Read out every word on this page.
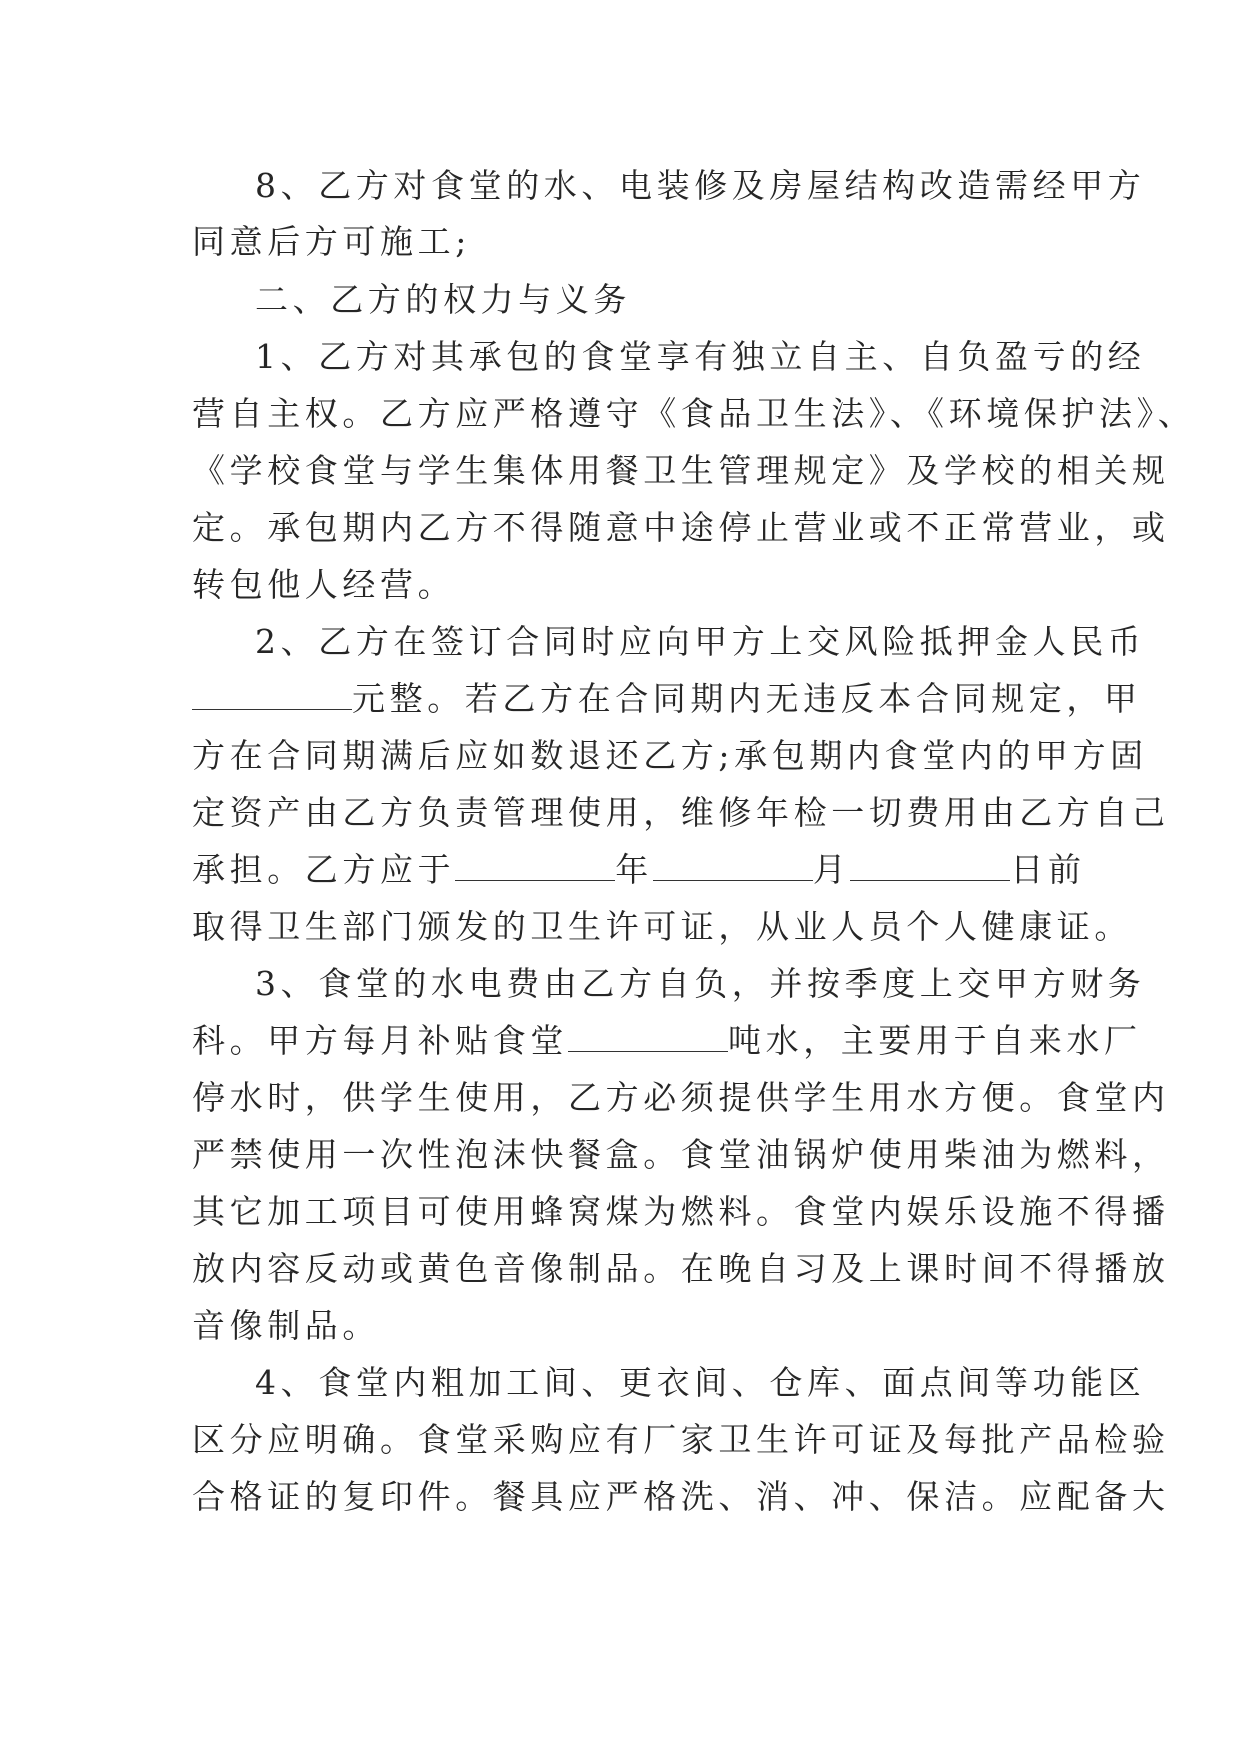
8、乙方对食堂的水、电装修及房屋结构改造需经甲方
同意后方可施工;
二、乙方的权力与义务
1、乙方对其承包的食堂享有独立自主、自负盈亏的经
营自主权。乙方应严格遵守《食品卫生法》、《环境保护法》、
《学校食堂与学生集体用餐卫生管理规定》及学校的相关规
定。承包期内乙方不得随意中途停止营业或不正常营业，或
转包他人经营。
2、乙方在签订合同时应向甲方上交风险抵押金人民币
元整。若乙方在合同期内无违反本合同规定，甲
方在合同期满后应如数退还乙方;承包期内食堂内的甲方固
定资产由乙方负责管理使用，维修年检一切费用由乙方自己
承担。乙方应于	年	月	日前
取得卫生部门颁发的卫生许可证，从业人员个人健康证。
3、食堂的水电费由乙方自负，并按季度上交甲方财务
科。甲方每月补贴食堂	吨水，主要用于自来水厂
停水时，供学生使用，乙方必须提供学生用水方便。食堂内
严禁使用一次性泡沫快餐盒。食堂油锅炉使用柴油为燃料，
其它加工项目可使用蜂窝煤为燃料。食堂内娱乐设施不得播
放内容反动或黄色音像制品。在晚自习及上课时间不得播放
音像制品。
4、食堂内粗加工间、更衣间、仓库、面点间等功能区
区分应明确。食堂采购应有厂家卫生许可证及每批产品检验
合格证的复印件。餐具应严格洗、消、冲、保洁。应配备大
